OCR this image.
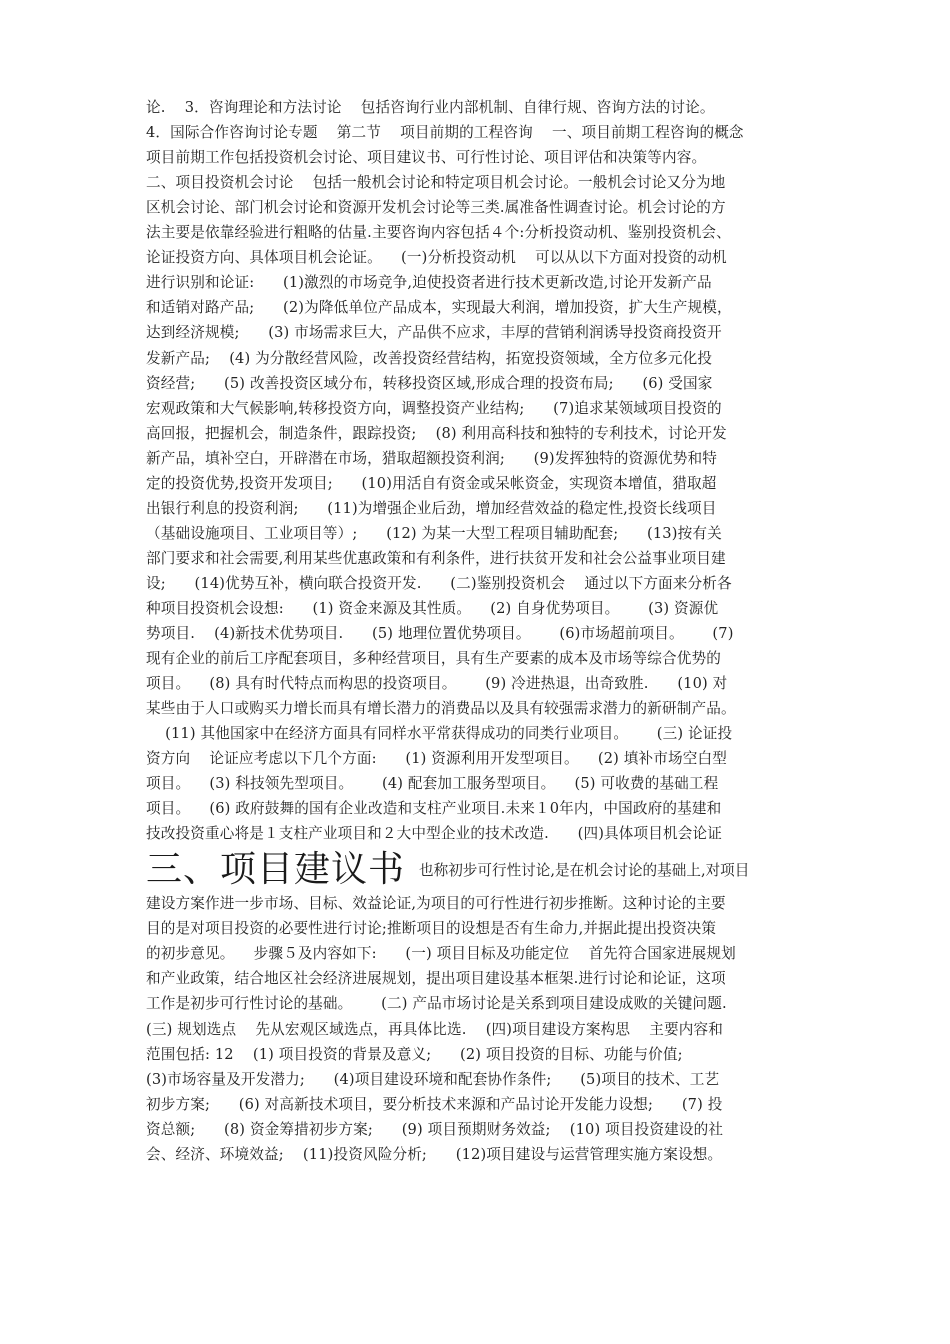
论.    3．咨询理论和方法讨论    包括咨询行业内部机制、自律行规、咨询方法的讨论。
4．国际合作咨询讨论专题    第二节    项目前期的工程咨询    一、项目前期工程咨询的概念
项目前期工作包括投资机会讨论、项目建议书、可行性讨论、项目评估和决策等内容。
二、项目投资机会讨论    包括一般机会讨论和特定项目机会讨论。一般机会讨论又分为地
区机会讨论、部门机会讨论和资源开发机会讨论等三类.属准备性调查讨论。机会讨论的方
法主要是依靠经验进行粗略的估量.主要咨询内容包括４个:分析投资动机、鉴别投资机会、
论证投资方向、具体项目机会论证。    (一)分析投资动机    可以从以下方面对投资的动机
进行识别和论证:      (1)激烈的市场竞争,迫使投资者进行技术更新改造,讨论开发新产品
和适销对路产品;      (2)为降低单位产品成本，实现最大利润，增加投资，扩大生产规模，
达到经济规模;      (3) 市场需求巨大，产品供不应求，丰厚的营销利润诱导投资商投资开
发新产品;    (4) 为分散经营风险，改善投资经营结构，拓宽投资领域，全方位多元化投
资经营;      (5) 改善投资区域分布，转移投资区域,形成合理的投资布局;      (6) 受国家
宏观政策和大气候影响,转移投资方向，调整投资产业结构;      (7)追求某领域项目投资的
高回报，把握机会，制造条件，跟踪投资;    (8) 利用高科技和独特的专利技术，讨论开发
新产品，填补空白，开辟潜在市场，猎取超额投资利润;      (9)发挥独特的资源优势和特
定的投资优势,投资开发项目;      (10)用活自有资金或呆帐资金，实现资本增值，猎取超
出银行利息的投资利润;      (11)为增强企业后劲，增加经营效益的稳定性,投资长线项目
（基础设施项目、工业项目等）;      (12) 为某一大型工程项目辅助配套;      (13)按有关
部门要求和社会需要,利用某些优惠政策和有利条件，进行扶贫开发和社会公益事业项目建
设;      (14)优势互补，横向联合投资开发.      (二)鉴别投资机会    通过以下方面来分析各
种项目投资机会设想:      (1) 资金来源及其性质。    (2) 自身优势项目。      (3) 资源优
势项目.    (4)新技术优势项目.      (5) 地理位置优势项目。      (6)市场超前项目。      (7)
现有企业的前后工序配套项目，多种经营项目，具有生产要素的成本及市场等综合优势的
项目。    (8) 具有时代特点而构思的投资项目。      (9) 冷进热退，出奇致胜.      (10) 对
某些由于人口或购买力增长而具有增长潜力的消费品以及具有较强需求潜力的新研制产品。
(11) 其他国家中在经济方面具有同样水平常获得成功的同类行业项目。      (三) 论证投
资方向    论证应考虑以下几个方面:      (1) 资源利用开发型项目。    (2) 填补市场空白型
项目。    (3) 科技领先型项目。      (4) 配套加工服务型项目。    (5) 可收费的基础工程
项目。    (6) 政府鼓舞的国有企业改造和支柱产业项目.未来１0年内，中国政府的基建和
技改投资重心将是１支柱产业项目和２大中型企业的技术改造.      (四)具体项目机会论证
三、项目建议书 也称初步可行性讨论,是在机会讨论的基础上,对项目
建设方案作进一步市场、目标、效益论证,为项目的可行性进行初步推断。这种讨论的主要
目的是对项目投资的必要性进行讨论;推断项目的设想是否有生命力,并据此提出投资决策
的初步意见。    步骤５及内容如下:      (一) 项目目标及功能定位    首先符合国家进展规划
和产业政策，结合地区社会经济进展规划，提出项目建设基本框架.进行讨论和论证，这项
工作是初步可行性讨论的基础。      (二) 产品市场讨论是关系到项目建设成败的关键问题.
(三) 规划选点    先从宏观区域选点，再具体比选.    (四)项目建设方案构思    主要内容和
范围包括: 12    (1) 项目投资的背景及意义;      (2) 项目投资的目标、功能与价值;
(3)市场容量及开发潜力;      (4)项目建设环境和配套协作条件;      (5)项目的技术、工艺
初步方案;      (6) 对高新技术项目，要分析技术来源和产品讨论开发能力设想;      (7) 投
资总额;      (8) 资金筹措初步方案;      (9) 项目预期财务效益;    (10) 项目投资建设的社
会、经济、环境效益;    (11)投资风险分析;      (12)项目建设与运营管理实施方案设想。
